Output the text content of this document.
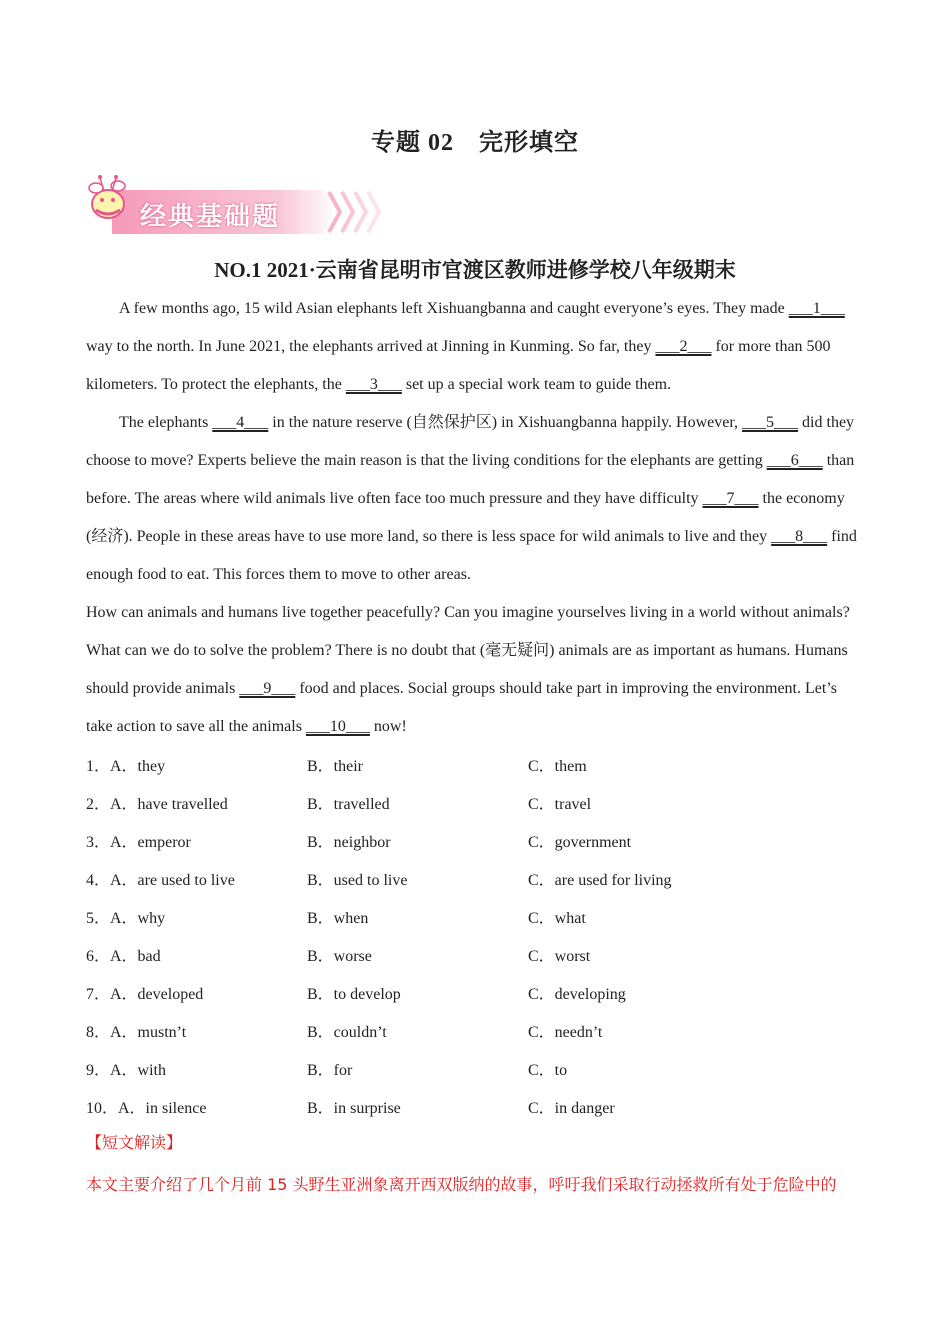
专题 02　完形填空
经典基础题
NO.1 2021·云南省昆明市官渡区教师进修学校八年级期末

A few months ago, 15 wild Asian elephants left Xishuangbanna and caught everyone’s eyes. They made ___1___ way to the north. In June 2021, the elephants arrived at Jinning in Kunming. So far, they ___2___ for more than 500 kilometers. To protect the elephants, the ___3___ set up a special work team to guide them.

The elephants ___4___ in the nature reserve (自然保护区) in Xishuangbanna happily. However, ___5___ did they choose to move? Experts believe the main reason is that the living conditions for the elephants are getting ___6___ than before. The areas where wild animals live often face too much pressure and they have difficulty ___7___ the economy (经济). People in these areas have to use more land, so there is less space for wild animals to live and they ___8___ find enough food to eat. This forces them to move to other areas.

How can animals and humans live together peacefully? Can you imagine yourselves living in a world without animals? What can we do to solve the problem? There is no doubt that (毫无疑问) animals are as important as humans. Humans should provide animals ___9___ food and places. Social groups should take part in improving the environment. Let’s take action to save all the animals ___10___ now!

1．A．they	B．their	C．them
2．A．have travelled	B．travelled	C．travel
3．A．emperor	B．neighbor	C．government
4．A．are used to live	B．used to live	C．are used for living
5．A．why	B．when	C．what
6．A．bad	B．worse	C．worst
7．A．developed	B．to develop	C．developing
8．A．mustn’t	B．couldn’t	C．needn’t
9．A．with	B．for	C．to
10．A．in silence	B．in surprise	C．in danger
【短文解读】
本文主要介绍了几个月前 15 头野生亚洲象离开西双版纳的故事，呼吁我们采取行动拯救所有处于危险中的
